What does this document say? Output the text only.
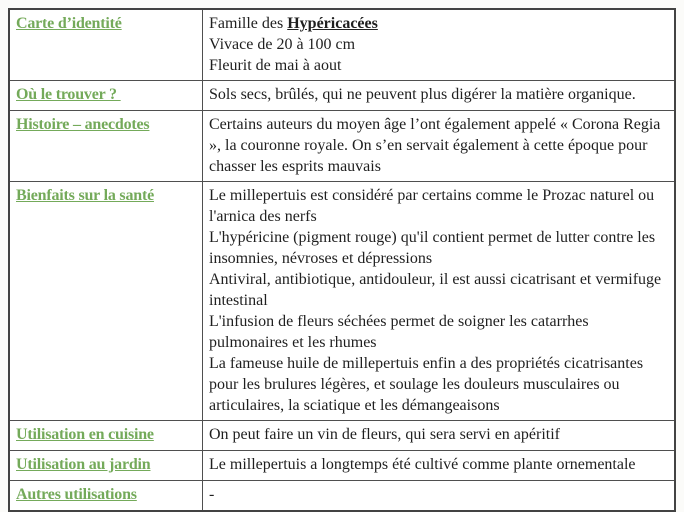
Carte d’identité	Famille des Hypéricacées
Vivace de 20 à 100 cm
Fleurit de mai à aout

Où le trouver ?	Sols secs, brûlés, qui ne peuvent plus digérer la matière organique.

Histoire – anecdotes	Certains auteurs du moyen âge l’ont également appelé « Corona Regia », la couronne royale. On s’en servait également à cette époque pour chasser les esprits mauvais

Bienfaits sur la santé	Le millepertuis est considéré par certains comme le Prozac naturel ou l'arnica des nerfs
L'hypéricine (pigment rouge) qu'il contient permet de lutter contre les insomnies, névroses et dépressions
Antiviral, antibiotique, antidouleur, il est aussi cicatrisant et vermifuge intestinal
L'infusion de fleurs séchées permet de soigner les catarrhes pulmonaires et les rhumes
La fameuse huile de millepertuis enfin a des propriétés cicatrisantes pour les brulures légères, et soulage les douleurs musculaires ou articulaires, la sciatique et les démangeaisons

Utilisation en cuisine	On peut faire un vin de fleurs, qui sera servi en apéritif

Utilisation au jardin	Le millepertuis a longtemps été cultivé comme plante ornementale

Autres utilisations	-
